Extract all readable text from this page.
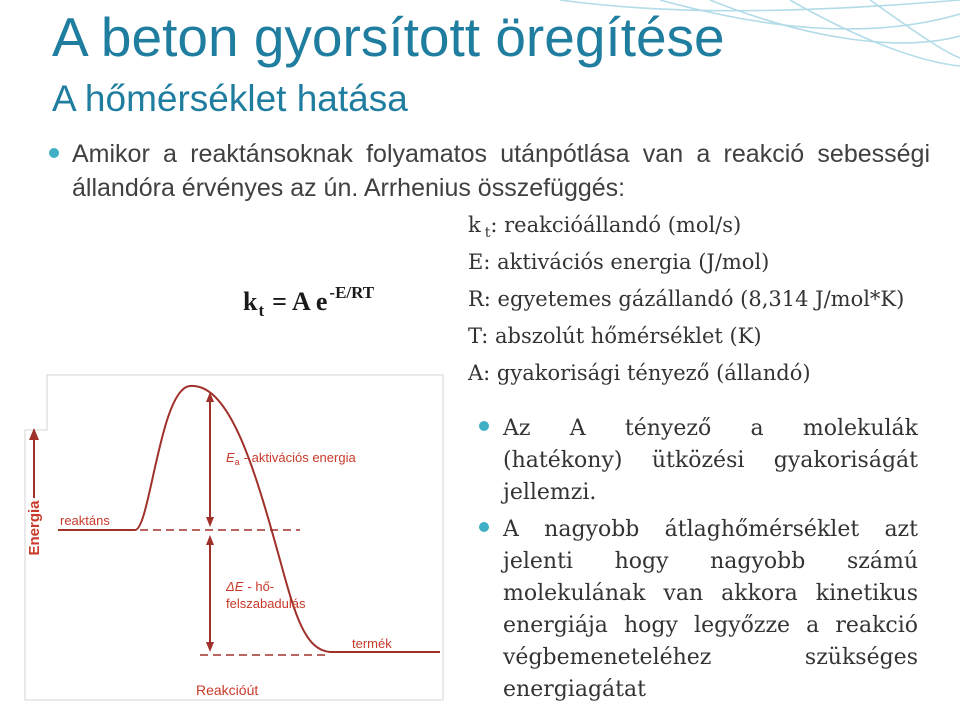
A beton gyorsított öregítése
A hőmérséklet hatása
Amikor a reaktánsoknak folyamatos utánpótlása van a reakció sebességi
állandóra érvényes az ún. Arrhenius összefüggés:
$k_t = A$ e $^{-E/RT}$
k $_t$: reakcióállandó (mol/s)
E: aktivációs energia (J/mol)
R: egyetemes gázállandó (8,314 J/mol*K)
T: abszolút hőmérséklet (K)
A: gyakorisági tényező (állandó)
Energia reaktáns
termék
$E_a$ - aktivációs energia
ΔE - hő-
felszabadulás
Reakcióút
Az A tényező a molekulák
(hatékony) ütközési gyakoriságát
jellemzi.
A nagyobb átlaghőmérséklet azt
jelenti hogy nagyobb számú
molekulának van akkora kinetikus
energiája hogy legyőzze a reakció
végbemeneteléhez szükséges
energiagátat
